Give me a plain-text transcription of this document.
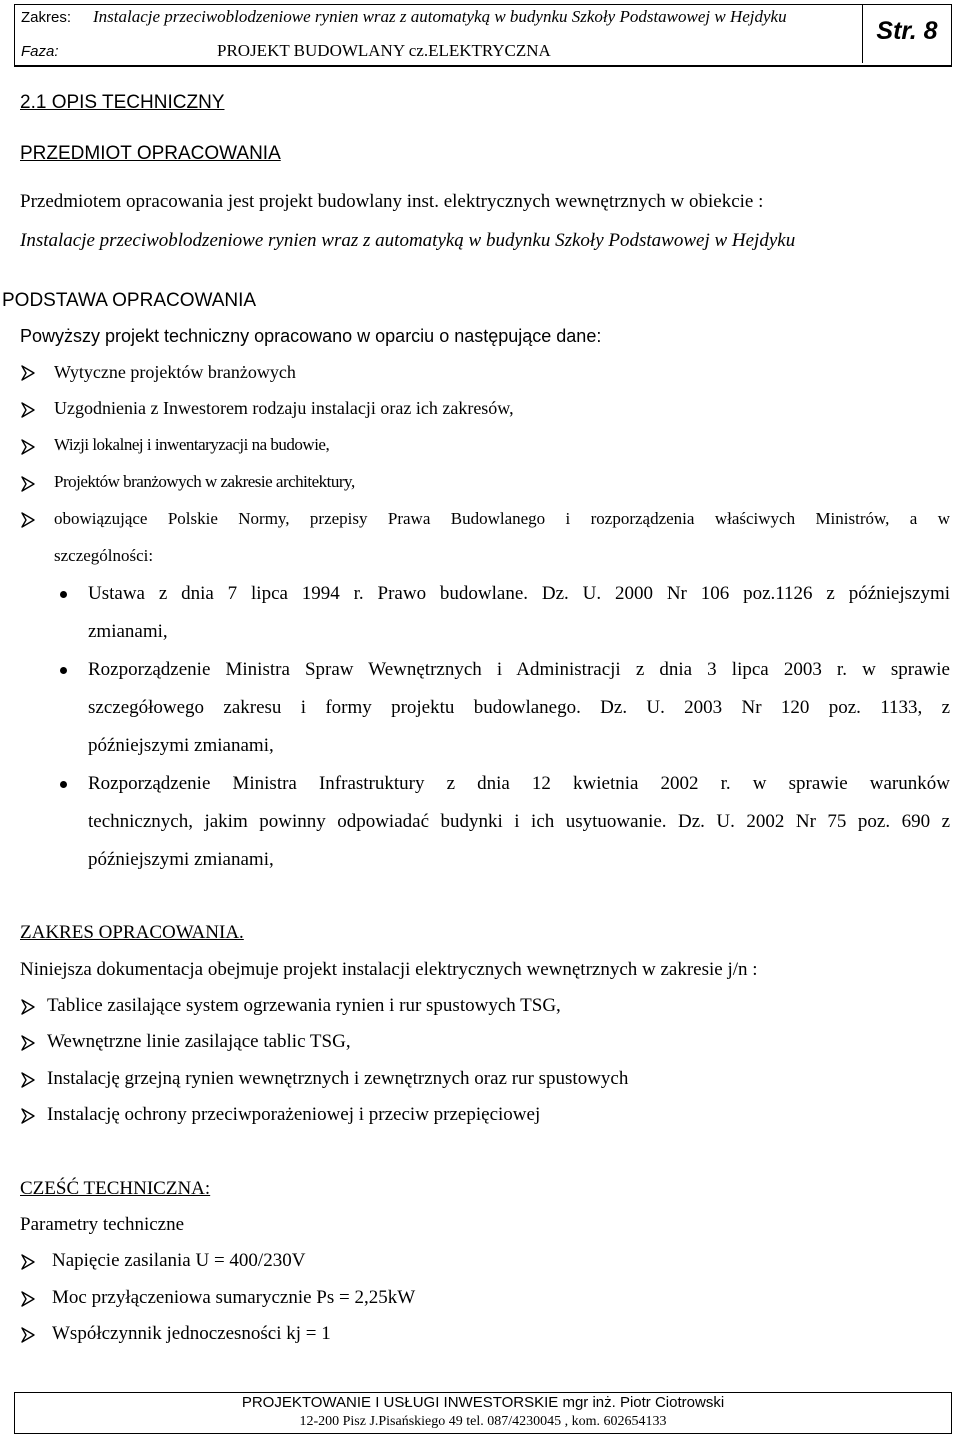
Zakres: Instalacje przeciwoblodzeniowe rynien wraz z automatyką w budynku Szkoły Podstawowej w Hejdyku
Faza:	PROJEKT BUDOWLANY cz.ELEKTRYCZNA
Str. 8
2.1 OPIS TECHNICZNY
PRZEDMIOT OPRACOWANIA
Przedmiotem opracowania jest projekt budowlany inst. elektrycznych wewnętrznych w obiekcie :
Instalacje przeciwoblodzeniowe rynien wraz z automatyką w budynku Szkoły Podstawowej w Hejdyku
PODSTAWA OPRACOWANIA
Powyższy projekt techniczny opracowano w oparciu o następujące dane:
Wytyczne projektów branżowych
Uzgodnienia z Inwestorem rodzaju instalacji oraz ich zakresów,
Wizji lokalnej i inwentaryzacji na budowie,
Projektów branżowych w zakresie architektury,
obowiązujące Polskie Normy, przepisy Prawa Budowlanego i rozporządzenia właściwych Ministrów, a w
szczególności:
Ustawa z dnia 7 lipca 1994 r. Prawo budowlane. Dz. U. 2000 Nr 106 poz.1126 z późniejszymi
zmianami,
Rozporządzenie Ministra Spraw Wewnętrznych i Administracji z dnia 3 lipca 2003 r. w sprawie
szczegółowego zakresu i formy projektu budowlanego. Dz. U. 2003 Nr 120 poz. 1133, z
późniejszymi zmianami,
Rozporządzenie Ministra Infrastruktury z dnia 12 kwietnia 2002 r. w sprawie warunków
technicznych, jakim powinny odpowiadać budynki i ich usytuowanie. Dz. U. 2002 Nr 75 poz. 690 z
późniejszymi zmianami,
ZAKRES OPRACOWANIA.
Niniejsza dokumentacja obejmuje projekt instalacji elektrycznych wewnętrznych w zakresie j/n :
Tablice zasilające system ogrzewania rynien i rur spustowych TSG,
Wewnętrzne linie zasilające tablic TSG,
Instalację grzejną rynien wewnętrznych i zewnętrznych oraz rur spustowych
Instalację ochrony przeciwporażeniowej i przeciw przepięciowej
CZEŚĆ TECHNICZNA:
Parametry techniczne
Napięcie zasilania U = 400/230V
Moc przyłączeniowa sumarycznie Ps = 2,25kW
Współczynnik jednoczesności kj = 1
PROJEKTOWANIE I USŁUGI INWESTORSKIE mgr inż. Piotr Ciotrowski
12-200 Pisz J.Pisańskiego 49 tel. 087/4230045 , kom. 602654133
